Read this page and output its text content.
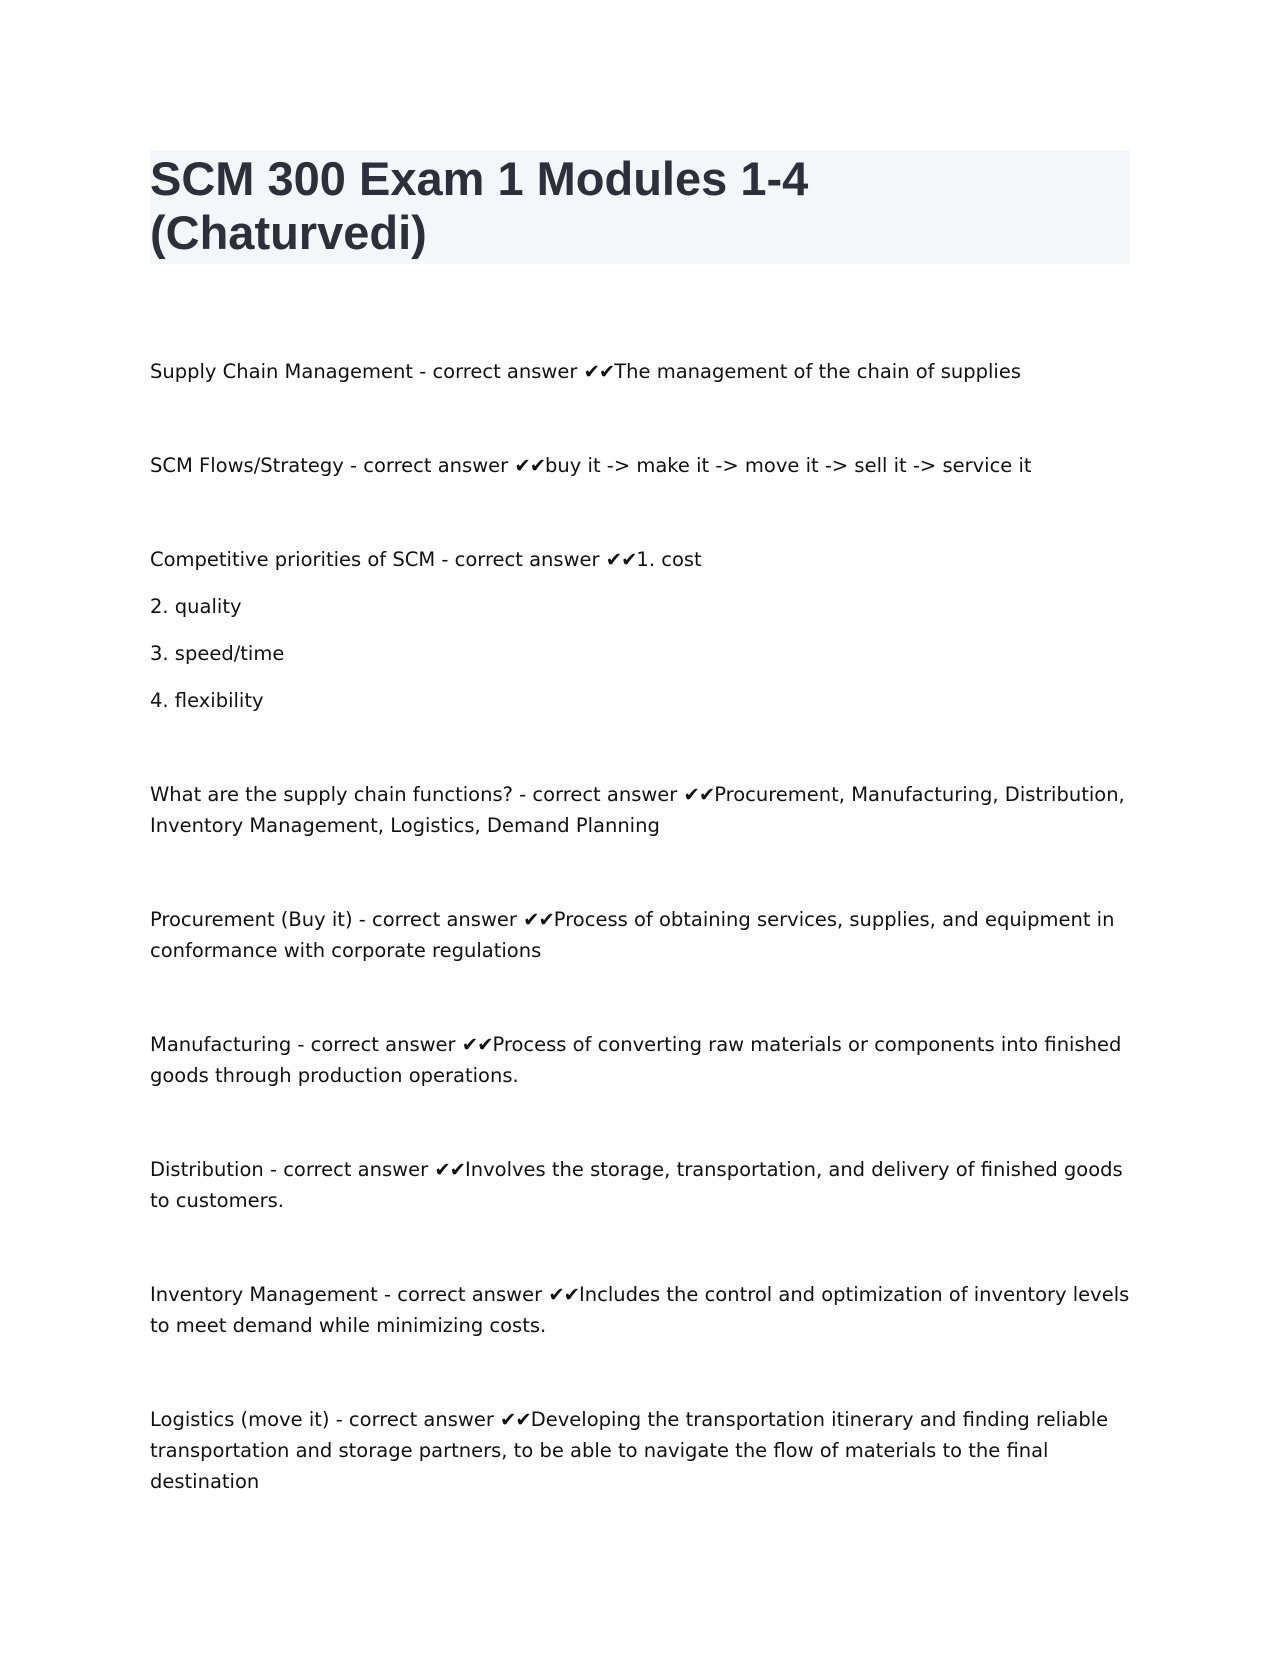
SCM 300 Exam 1 Modules 1-4
(Chaturvedi)

Supply Chain Management - correct answer ✔✔The management of the chain of supplies

SCM Flows/Strategy - correct answer ✔✔buy it -> make it -> move it -> sell it -> service it

Competitive priorities of SCM - correct answer ✔✔1. cost

2. quality

3. speed/time

4. flexibility

What are the supply chain functions? - correct answer ✔✔Procurement, Manufacturing, Distribution, Inventory Management, Logistics, Demand Planning

Procurement (Buy it) - correct answer ✔✔Process of obtaining services, supplies, and equipment in conformance with corporate regulations

Manufacturing - correct answer ✔✔Process of converting raw materials or components into finished goods through production operations.

Distribution - correct answer ✔✔Involves the storage, transportation, and delivery of finished goods to customers.

Inventory Management - correct answer ✔✔Includes the control and optimization of inventory levels to meet demand while minimizing costs.

Logistics (move it) - correct answer ✔✔Developing the transportation itinerary and finding reliable transportation and storage partners, to be able to navigate the flow of materials to the final destination
